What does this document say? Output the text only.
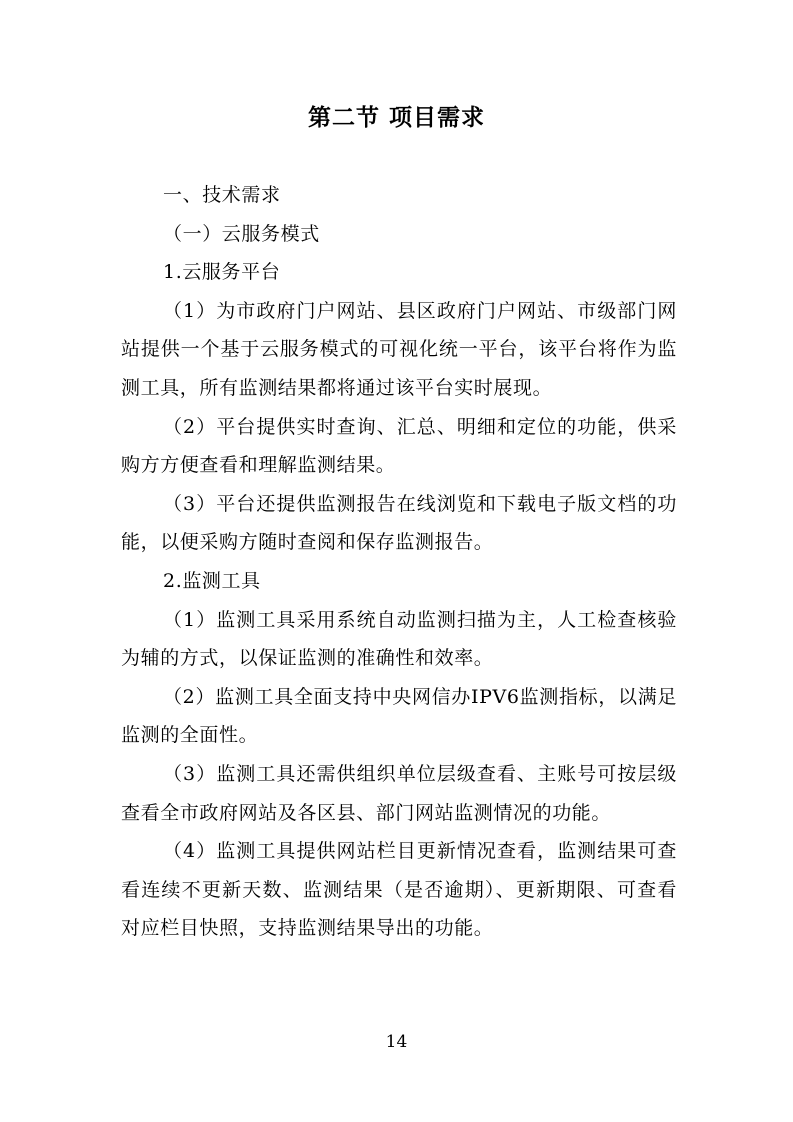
第二节 项目需求

一、技术需求

（一）云服务模式

1.云服务平台

（1）为市政府门户网站、县区政府门户网站、市级部门网站提供一个基于云服务模式的可视化统一平台，该平台将作为监测工具，所有监测结果都将通过该平台实时展现。

（2）平台提供实时查询、汇总、明细和定位的功能，供采购方方便查看和理解监测结果。

（3）平台还提供监测报告在线浏览和下载电子版文档的功能，以便采购方随时查阅和保存监测报告。

2.监测工具

（1）监测工具采用系统自动监测扫描为主，人工检查核验为辅的方式，以保证监测的准确性和效率。

（2）监测工具全面支持中央网信办IPV6监测指标，以满足监测的全面性。

（3）监测工具还需供组织单位层级查看、主账号可按层级查看全市政府网站及各区县、部门网站监测情况的功能。

（4）监测工具提供网站栏目更新情况查看，监测结果可查看连续不更新天数、监测结果（是否逾期）、更新期限、可查看对应栏目快照，支持监测结果导出的功能。

14
